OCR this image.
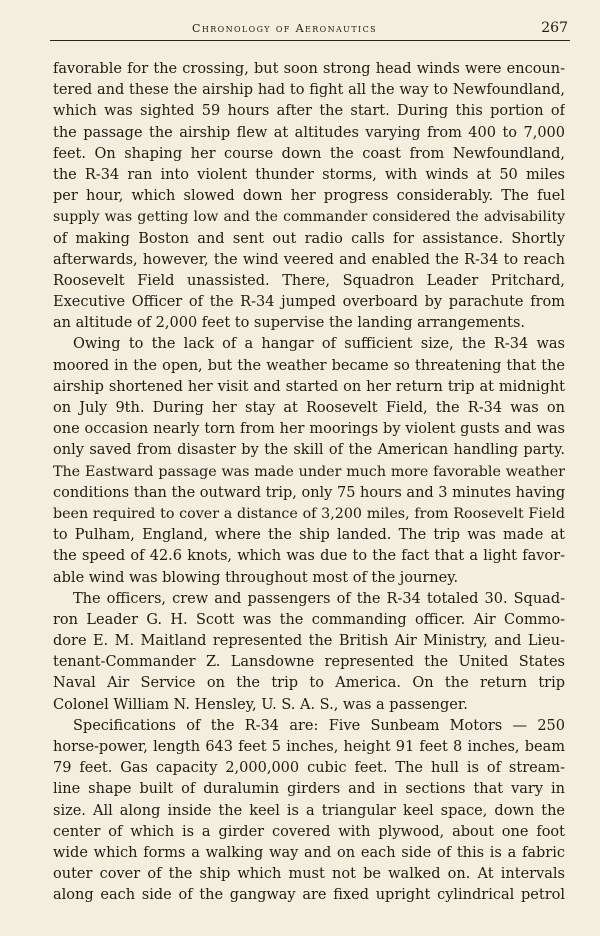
Chronology of Aeronautics	267
favorable for the crossing, but soon strong head winds were encoun-
tered and these the airship had to fight all the way to Newfoundland,
which was sighted 59 hours after the start. During this portion of
the passage the airship flew at altitudes varying from 400 to 7,000
feet. On shaping her course down the coast from Newfoundland,
the R-34 ran into violent thunder storms, with winds at 50 miles
per hour, which slowed down her progress considerably. The fuel
supply was getting low and the commander considered the advisability
of making Boston and sent out radio calls for assistance. Shortly
afterwards, however, the wind veered and enabled the R-34 to reach
Roosevelt Field unassisted. There, Squadron Leader Pritchard,
Executive Officer of the R-34 jumped overboard by parachute from
an altitude of 2,000 feet to supervise the landing arrangements.
Owing to the lack of a hangar of sufficient size, the R-34 was
moored in the open, but the weather became so threatening that the
airship shortened her visit and started on her return trip at midnight
on July 9th. During her stay at Roosevelt Field, the R-34 was on
one occasion nearly torn from her moorings by violent gusts and was
only saved from disaster by the skill of the American handling party.
The Eastward passage was made under much more favorable weather
conditions than the outward trip, only 75 hours and 3 minutes having
been required to cover a distance of 3,200 miles, from Roosevelt Field
to Pulham, England, where the ship landed. The trip was made at
the speed of 42.6 knots, which was due to the fact that a light favor-
able wind was blowing throughout most of the journey.
The officers, crew and passengers of the R-34 totaled 30. Squad-
ron Leader G. H. Scott was the commanding officer. Air Commo-
dore E. M. Maitland represented the British Air Ministry, and Lieu-
tenant-Commander Z. Lansdowne represented the United States
Naval Air Service on the trip to America. On the return trip
Colonel William N. Hensley, U. S. A. S., was a passenger.
Specifications of the R-34 are: Five Sunbeam Motors — 250
horse-power, length 643 feet 5 inches, height 91 feet 8 inches, beam
79 feet. Gas capacity 2,000,000 cubic feet. The hull is of stream-
line shape built of duralumin girders and in sections that vary in
size. All along inside the keel is a triangular keel space, down the
center of which is a girder covered with plywood, about one foot
wide which forms a walking way and on each side of this is a fabric
outer cover of the ship which must not be walked on. At intervals
along each side of the gangway are fixed upright cylindrical petrol
